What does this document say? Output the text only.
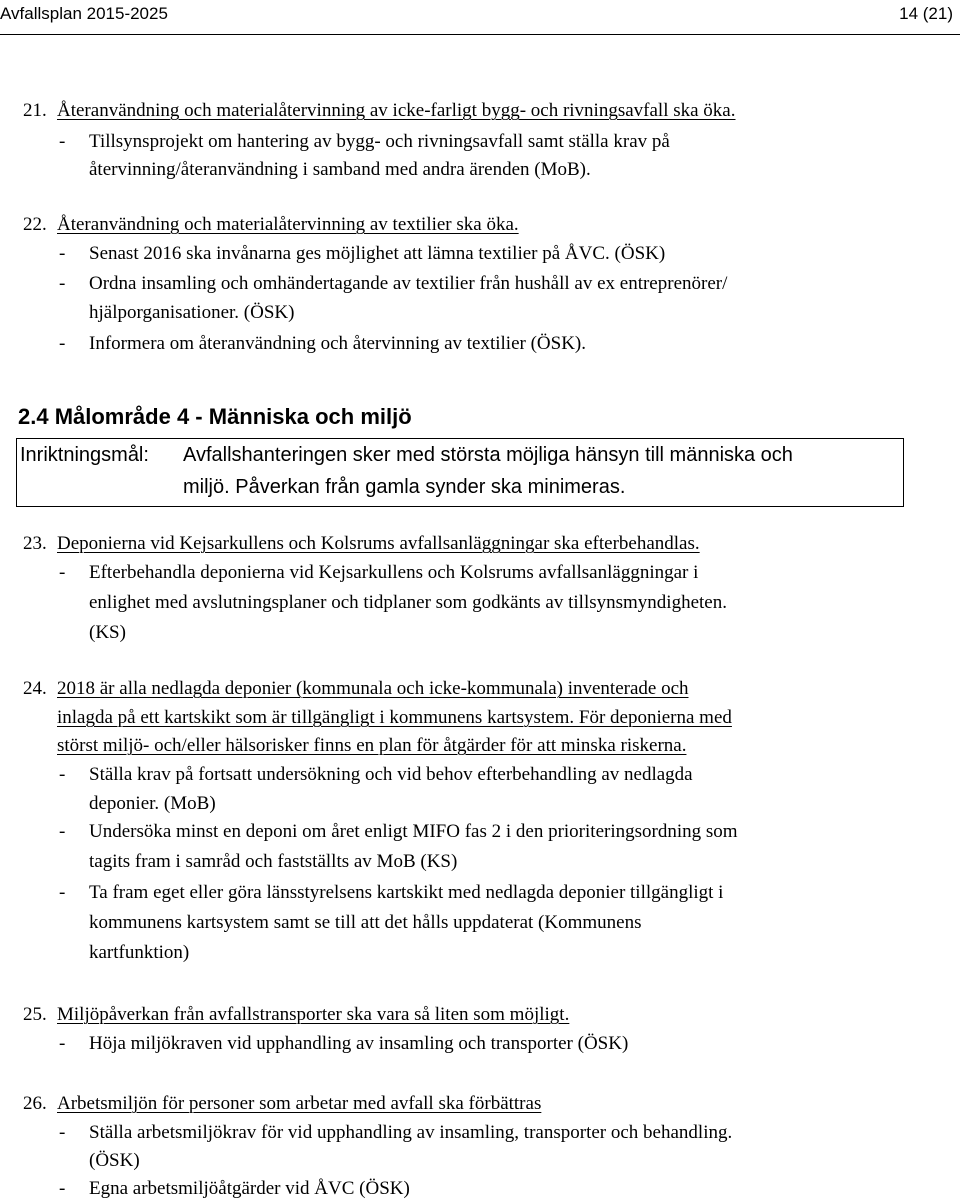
Avfallsplan 2015-2025	14 (21)
21. Återanvändning och materialåtervinning av icke-farligt bygg- och rivningsavfall ska öka.
- Tillsynsprojekt om hantering av bygg- och rivningsavfall samt ställa krav på
återvinning/återanvändning i samband med andra ärenden (MoB).
22. Återanvändning och materialåtervinning av textilier ska öka.
- Senast 2016 ska invånarna ges möjlighet att lämna textilier på ÅVC. (ÖSK)
- Ordna insamling och omhändertagande av textilier från hushåll av ex entreprenörer/
hjälporganisationer. (ÖSK)
- Informera om återanvändning och återvinning av textilier (ÖSK).
2.4 Målområde 4 - Människa och miljö
Inriktningsmål: Avfallshanteringen sker med största möjliga hänsyn till människa och
miljö. Påverkan från gamla synder ska minimeras.
23. Deponierna vid Kejsarkullens och Kolsrums avfallsanläggningar ska efterbehandlas.
- Efterbehandla deponierna vid Kejsarkullens och Kolsrums avfallsanläggningar i
enlighet med avslutningsplaner och tidplaner som godkänts av tillsynsmyndigheten.
(KS)
24. 2018 är alla nedlagda deponier (kommunala och icke-kommunala) inventerade och
inlagda på ett kartskikt som är tillgängligt i kommunens kartsystem. För deponierna med
störst miljö- och/eller hälsorisker finns en plan för åtgärder för att minska riskerna.
- Ställa krav på fortsatt undersökning och vid behov efterbehandling av nedlagda
deponier. (MoB)
- Undersöka minst en deponi om året enligt MIFO fas 2 i den prioriteringsordning som
tagits fram i samråd och fastställts av MoB (KS)
- Ta fram eget eller göra länsstyrelsens kartskikt med nedlagda deponier tillgängligt i
kommunens kartsystem samt se till att det hålls uppdaterat (Kommunens
kartfunktion)
25. Miljöpåverkan från avfallstransporter ska vara så liten som möjligt.
- Höja miljökraven vid upphandling av insamling och transporter (ÖSK)
26. Arbetsmiljön för personer som arbetar med avfall ska förbättras
- Ställa arbetsmiljökrav för vid upphandling av insamling, transporter och behandling.
(ÖSK)
- Egna arbetsmiljöåtgärder vid ÅVC (ÖSK)
